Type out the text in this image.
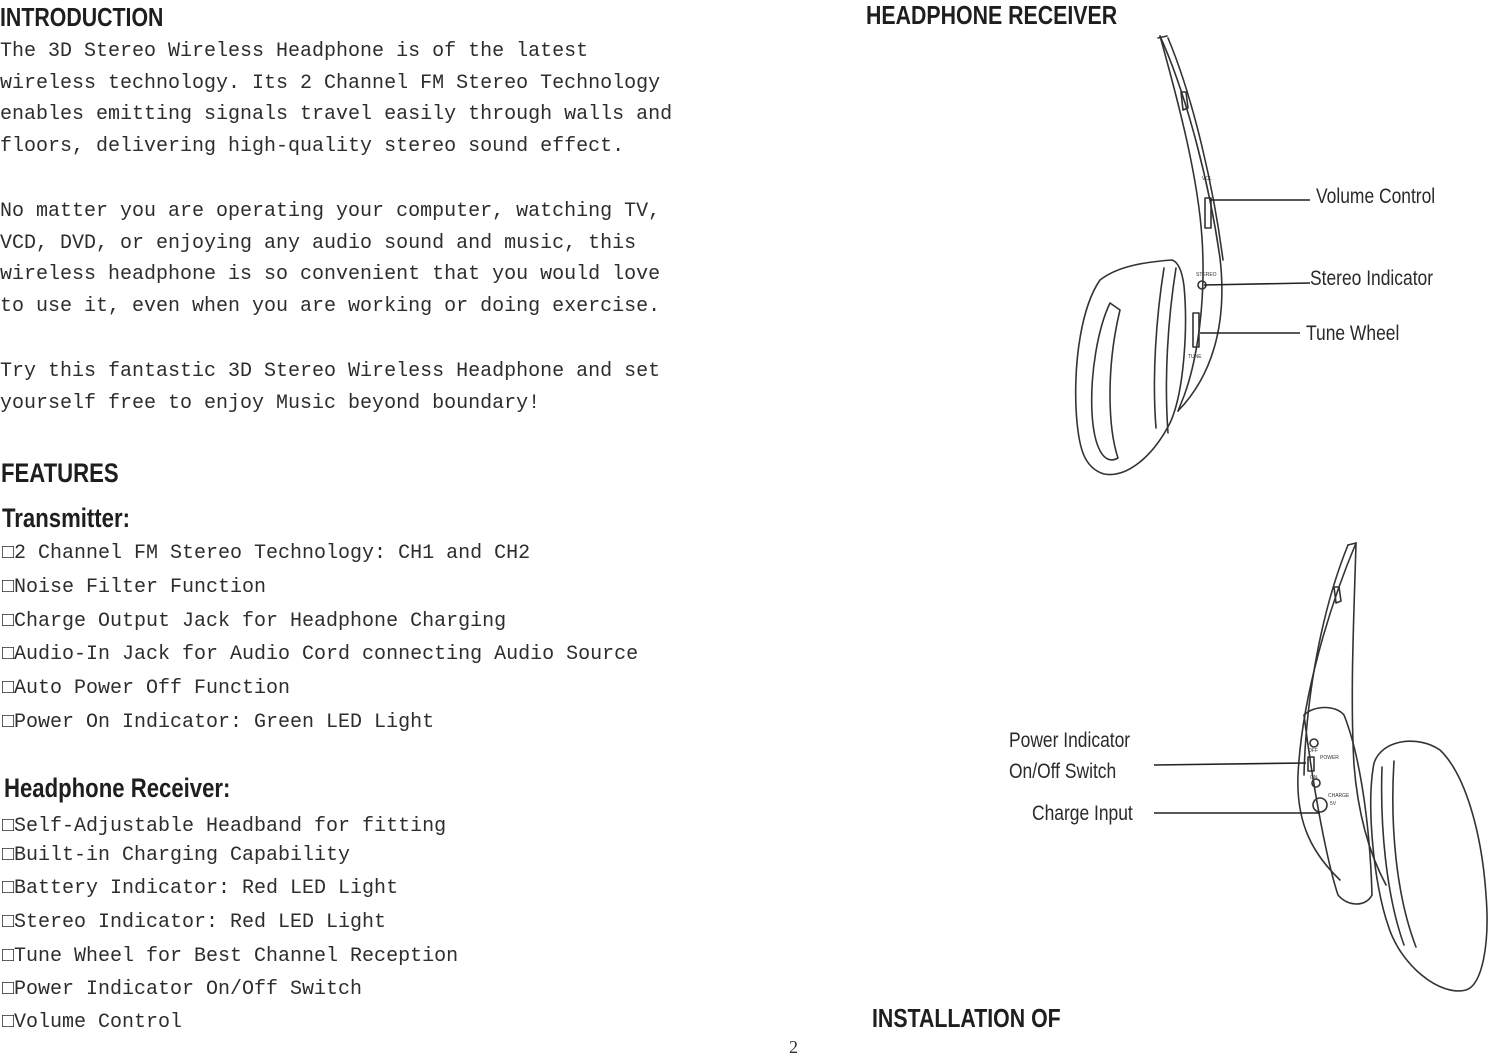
INTRODUCTION
The 3D Stereo Wireless Headphone is of the latest
wireless technology. Its 2 Channel FM Stereo Technology
enables emitting signals travel easily through walls and
floors, delivering high-quality stereo sound effect.
No matter you are operating your computer, watching TV,
VCD, DVD, or enjoying any audio sound and music, this
wireless headphone is so convenient that you would love
to use it, even when you are working or doing exercise.
Try this fantastic 3D Stereo Wireless Headphone and set
yourself free to enjoy Music beyond boundary!
FEATURES
Transmitter:
□2 Channel FM Stereo Technology: CH1 and CH2
□Noise Filter Function
□Charge Output Jack for Headphone Charging
□Audio-In Jack for Audio Cord connecting Audio Source
□Auto Power Off Function
□Power On Indicator: Green LED Light
Headphone Receiver:
□Self-Adjustable Headband for fitting
□Built-in Charging Capability
□Battery Indicator: Red LED Light
□Stereo Indicator: Red LED Light
□Tune Wheel for Best Channel Reception
□Power Indicator On/Off Switch
□Volume Control
2
HEADPHONE RECEIVER
VOL
STEREO
TUNE
Volume Control
Stereo Indicator
Tune Wheel
OFF
POWER
ON
CHARGE
5V
Power Indicator
On/Off Switch
Charge Input
INSTALLATION OF
